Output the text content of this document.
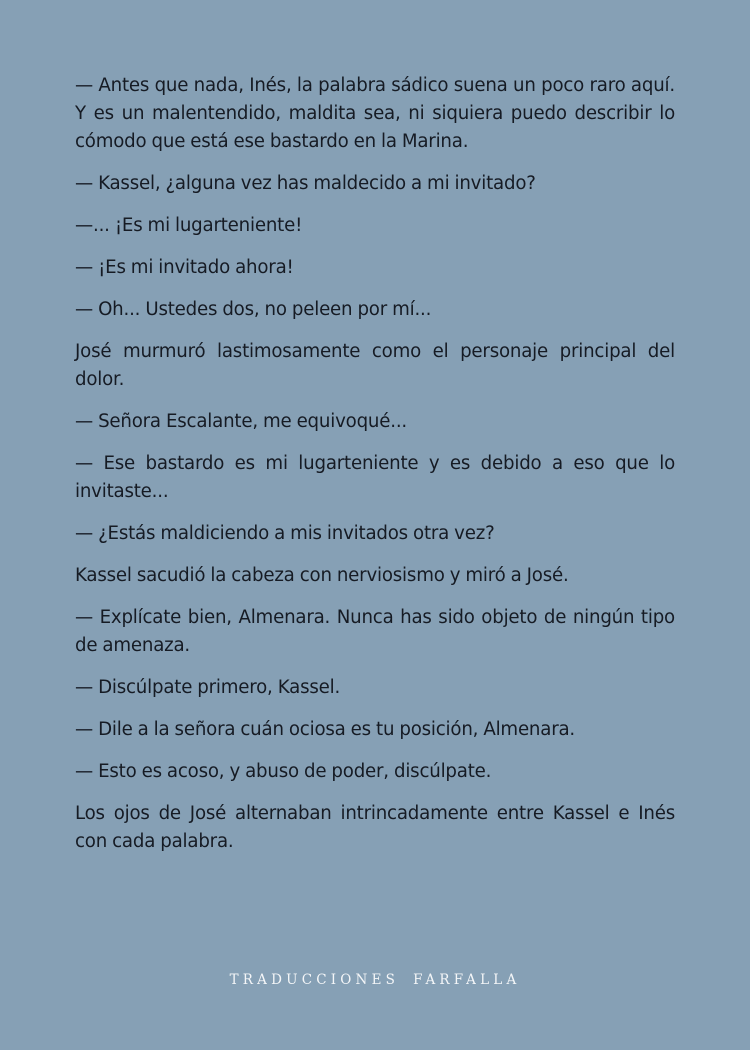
— Antes que nada, Inés, la palabra sádico suena un poco raro aquí. Y es un malentendido, maldita sea, ni siquiera puedo describir lo cómodo que está ese bastardo en la Marina.

— Kassel, ¿alguna vez has maldecido a mi invitado?

—... ¡Es mi lugarteniente!

— ¡Es mi invitado ahora!

— Oh... Ustedes dos, no peleen por mí...

José murmuró lastimosamente como el personaje principal del dolor.

— Señora Escalante, me equivoqué...

— Ese bastardo es mi lugarteniente y es debido a eso que lo invitaste...

— ¿Estás maldiciendo a mis invitados otra vez?

Kassel sacudió la cabeza con nerviosismo y miró a José.

— Explícate bien, Almenara. Nunca has sido objeto de ningún tipo de amenaza.

— Discúlpate primero, Kassel.

— Dile a la señora cuán ociosa es tu posición, Almenara.

— Esto es acoso, y abuso de poder, discúlpate.

Los ojos de José alternaban intrincadamente entre Kassel e Inés con cada palabra.

TRADUCCIONES FARFALLA
